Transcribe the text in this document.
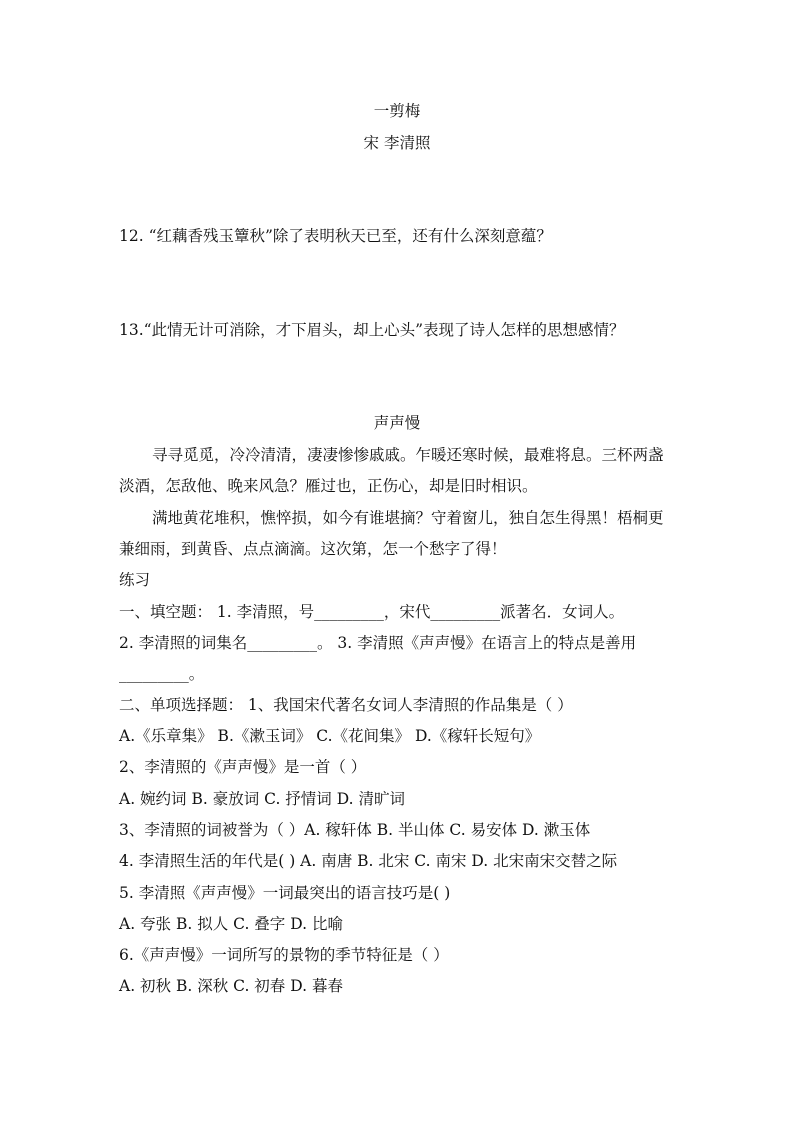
一剪梅
宋 李清照
12. “红藕香残玉簟秋”除了表明秋天已至，还有什么深刻意蕴？
13.“此情无计可消除，才下眉头，却上心头”表现了诗人怎样的思想感情？
声声慢
寻寻觅觅，冷冷清清，凄凄惨惨戚戚。乍暖还寒时候，最难将息。三杯两盏
淡酒，怎敌他、晚来风急？雁过也，正伤心，却是旧时相识。
满地黄花堆积，憔悴损，如今有谁堪摘？守着窗儿，独自怎生得黑！梧桐更
兼细雨，到黄昏、点点滴滴。这次第，怎一个愁字了得！
练习
一、填空题： 1. 李清照，号_________，宋代_________派著名．女词人。
2. 李清照的词集名_________。 3. 李清照《声声慢》在语言上的特点是善用
_________。
二、单项选择题： 1、我国宋代著名女词人李清照的作品集是（ ）
A.《乐章集》 B.《漱玉词》 C.《花间集》 D.《稼轩长短句》
2、李清照的《声声慢》是一首（ ）
A. 婉约词 B. 豪放词 C. 抒情词 D. 清旷词
3、李清照的词被誉为（ ）A. 稼轩体 B. 半山体 C. 易安体 D. 漱玉体
4. 李清照生活的年代是( ) A. 南唐 B. 北宋 C. 南宋 D. 北宋南宋交替之际
5. 李清照《声声慢》一词最突出的语言技巧是( )
A. 夸张 B. 拟人 C. 叠字 D. 比喻
6.《声声慢》一词所写的景物的季节特征是（ ）
A. 初秋 B. 深秋 C. 初春 D. 暮春
